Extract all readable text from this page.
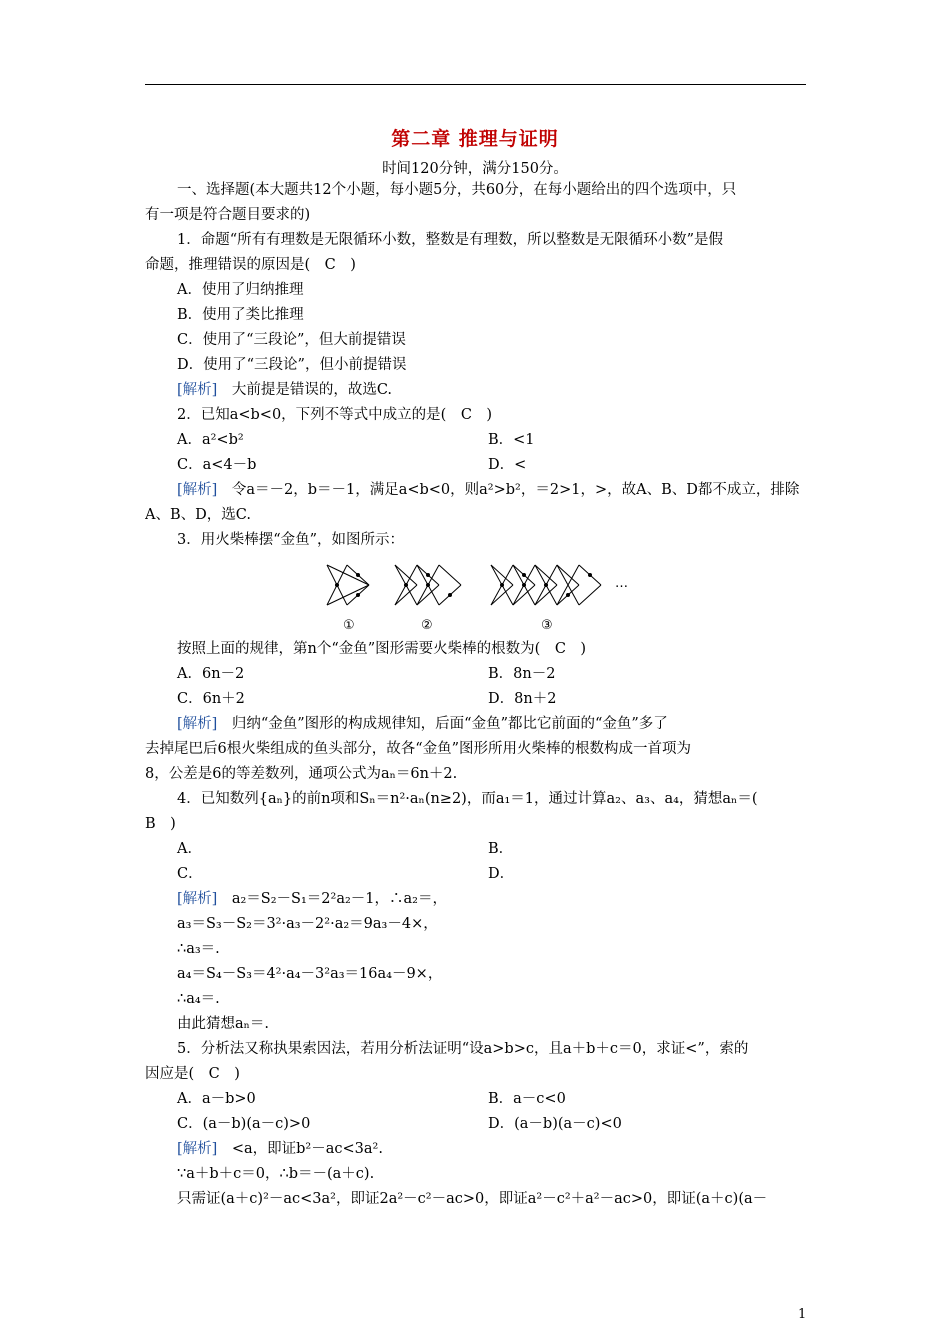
第二章 推理与证明
时间120分钟，满分150分。
一、选择题(本大题共12个小题，每小题5分，共60分，在每小题给出的四个选项中，只
有一项是符合题目要求的)
1．命题“所有有理数是无限循环小数，整数是有理数，所以整数是无限循环小数”是假
命题，推理错误的原因是(　C　)
A．使用了归纳推理
B．使用了类比推理
C．使用了“三段论”，但大前提错误
D．使用了“三段论”，但小前提错误
[解析]　 大前提是错误的，故选C.
2．已知a<b<0，下列不等式中成立的是(　C　)
A．a²<b²	B．<1
C．a<4－b	D．<
[解析]　 令a＝－2，b＝－1，满足a<b<0，则a²>b²，＝2>1，>，故A、B、D都不成立，排除
A、B、D，选C.
3．用火柴棒摆“金鱼”，如图所示：
①	②	③
…
按照上面的规律，第n个“金鱼”图形需要火柴棒的根数为(　C　)
A．6n－2	B．8n－2
C．6n＋2	D．8n＋2
[解析]　 归纳“金鱼”图形的构成规律知，后面“金鱼”都比它前面的“金鱼”多了
去掉尾巴后6根火柴组成的鱼头部分，故各“金鱼”图形所用火柴棒的根数构成一首项为
8，公差是6的等差数列，通项公式为aₙ＝6n＋2.
4．已知数列{aₙ}的前n项和Sₙ＝n²·aₙ(n≥2)，而a₁＝1，通过计算a₂、a₃、a₄，猜想aₙ＝(
B　)
A．	B．
C．	D．
[解析]　 a₂＝S₂－S₁＝2²a₂－1，∴a₂＝，
a₃＝S₃－S₂＝3²·a₃－2²·a₂＝9a₃－4×，
∴a₃＝.
a₄＝S₄－S₃＝4²·a₄－3²a₃＝16a₄－9×，
∴a₄＝.
由此猜想aₙ＝.
5．分析法又称执果索因法，若用分析法证明“设a>b>c，且a＋b＋c＝0，求证<”，索的
因应是(　C　)
A．a－b>0	B．a－c<0
C．(a－b)(a－c)>0	D．(a－b)(a－c)<0
[解析]　 <a，即证b²－ac<3a².
∵a＋b＋c＝0，∴b＝－(a＋c).
只需证(a＋c)²－ac<3a²，即证2a²－c²－ac>0，即证a²－c²＋a²－ac>0，即证(a＋c)(a－
1
